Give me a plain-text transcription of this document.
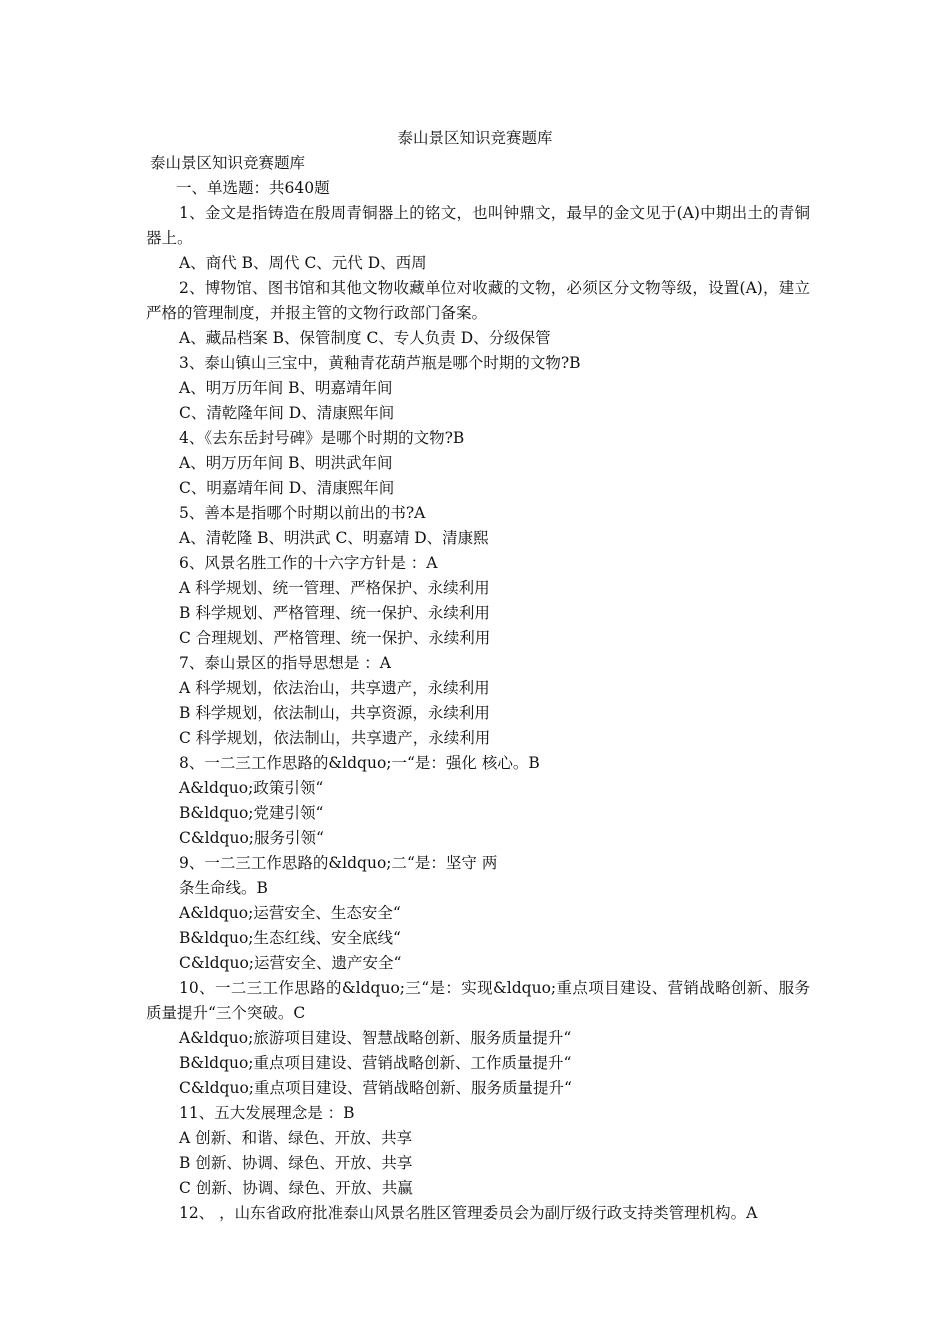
泰山景区知识竞赛题库
泰山景区知识竞赛题库
一、单选题：共640题
1、金文是指铸造在殷周青铜器上的铭文，也叫钟鼎文，最早的金文见于(A)中期出土的青铜器上。
A、商代 B、周代 C、元代 D、西周
2、博物馆、图书馆和其他文物收藏单位对收藏的文物，必须区分文物等级，设置(A)，建立严格的管理制度，并报主管的文物行政部门备案。
A、藏品档案 B、保管制度 C、专人负责 D、分级保管
3、泰山镇山三宝中，黄釉青花葫芦瓶是哪个时期的文物?B
A、明万历年间 B、明嘉靖年间
C、清乾隆年间 D、清康熙年间
4、《去东岳封号碑》是哪个时期的文物?B
A、明万历年间 B、明洪武年间
C、明嘉靖年间 D、清康熙年间
5、善本是指哪个时期以前出的书?A
A、清乾隆 B、明洪武 C、明嘉靖 D、清康熙
6、风景名胜工作的十六字方针是 ：A
A 科学规划、统一管理、严格保护、永续利用
B 科学规划、严格管理、统一保护、永续利用
C 合理规划、严格管理、统一保护、永续利用
7、泰山景区的指导思想是 ：A
A 科学规划，依法治山，共享遗产，永续利用
B 科学规划，依法制山，共享资源，永续利用
C 科学规划，依法制山，共享遗产，永续利用
8、一二三工作思路的&ldquo;一“是：强化 核心。B
A&ldquo;政策引领“
B&ldquo;党建引领“
C&ldquo;服务引领“
9、一二三工作思路的&ldquo;二“是：坚守 两
条生命线。B
A&ldquo;运营安全、生态安全“
B&ldquo;生态红线、安全底线“
C&ldquo;运营安全、遗产安全“
10、一二三工作思路的&ldquo;三“是：实现&ldquo;重点项目建设、营销战略创新、服务质量提升“三个突破。C
A&ldquo;旅游项目建设、智慧战略创新、服务质量提升“
B&ldquo;重点项目建设、营销战略创新、工作质量提升“
C&ldquo;重点项目建设、营销战略创新、服务质量提升“
11、五大发展理念是 ：B
A 创新、和谐、绿色、开放、共享
B 创新、协调、绿色、开放、共享
C 创新、协调、绿色、开放、共赢
12、 ，山东省政府批准泰山风景名胜区管理委员会为副厅级行政支持类管理机构。A
